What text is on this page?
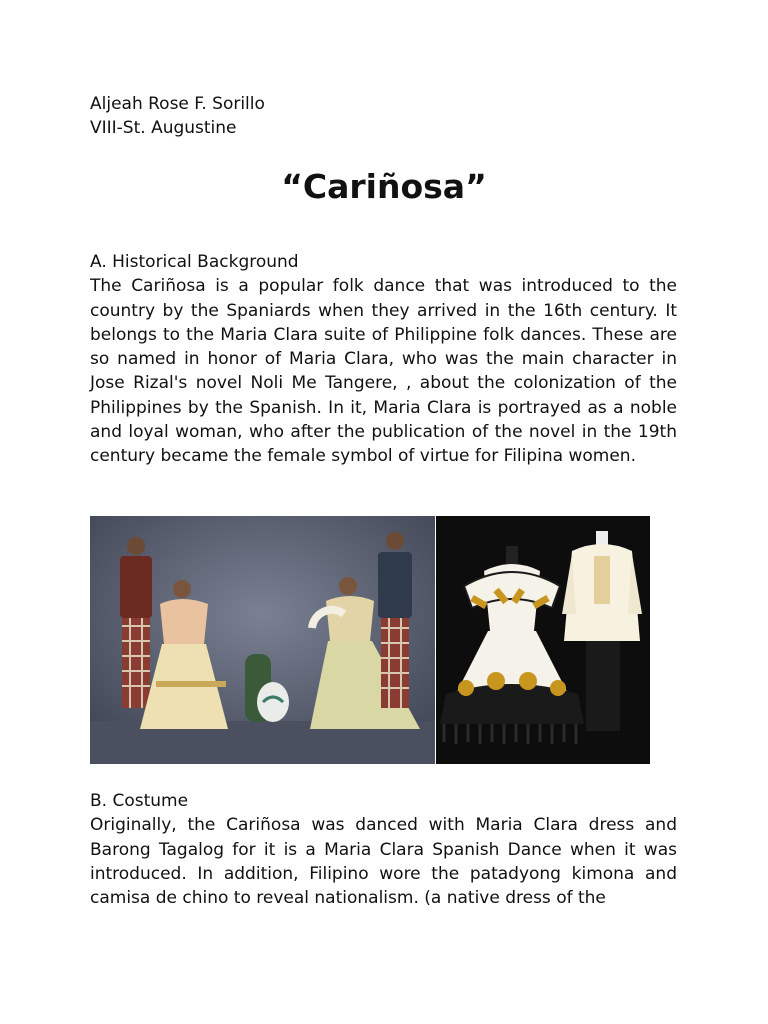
Aljeah Rose F. Sorillo
VIII-St. Augustine
“Cariñosa”
A. Historical Background
The Cariñosa is a popular folk dance that was introduced to the country by the Spaniards when they arrived in the 16th century. It belongs to the Maria Clara suite of Philippine folk dances. These are so named in honor of Maria Clara, who was the main character in Jose Rizal's novel Noli Me Tangere, , about the colonization of the Philippines by the Spanish. In it, Maria Clara is portrayed as a noble and loyal woman, who after the publication of the novel in the 19th century became the female symbol of virtue for Filipina women.
B. Costume
Originally, the Cariñosa was danced with Maria Clara dress and Barong Tagalog for it is a Maria Clara Spanish Dance when it was introduced. In addition, Filipino wore the patadyong kimona and camisa de chino to reveal nationalism. (a native dress of the
